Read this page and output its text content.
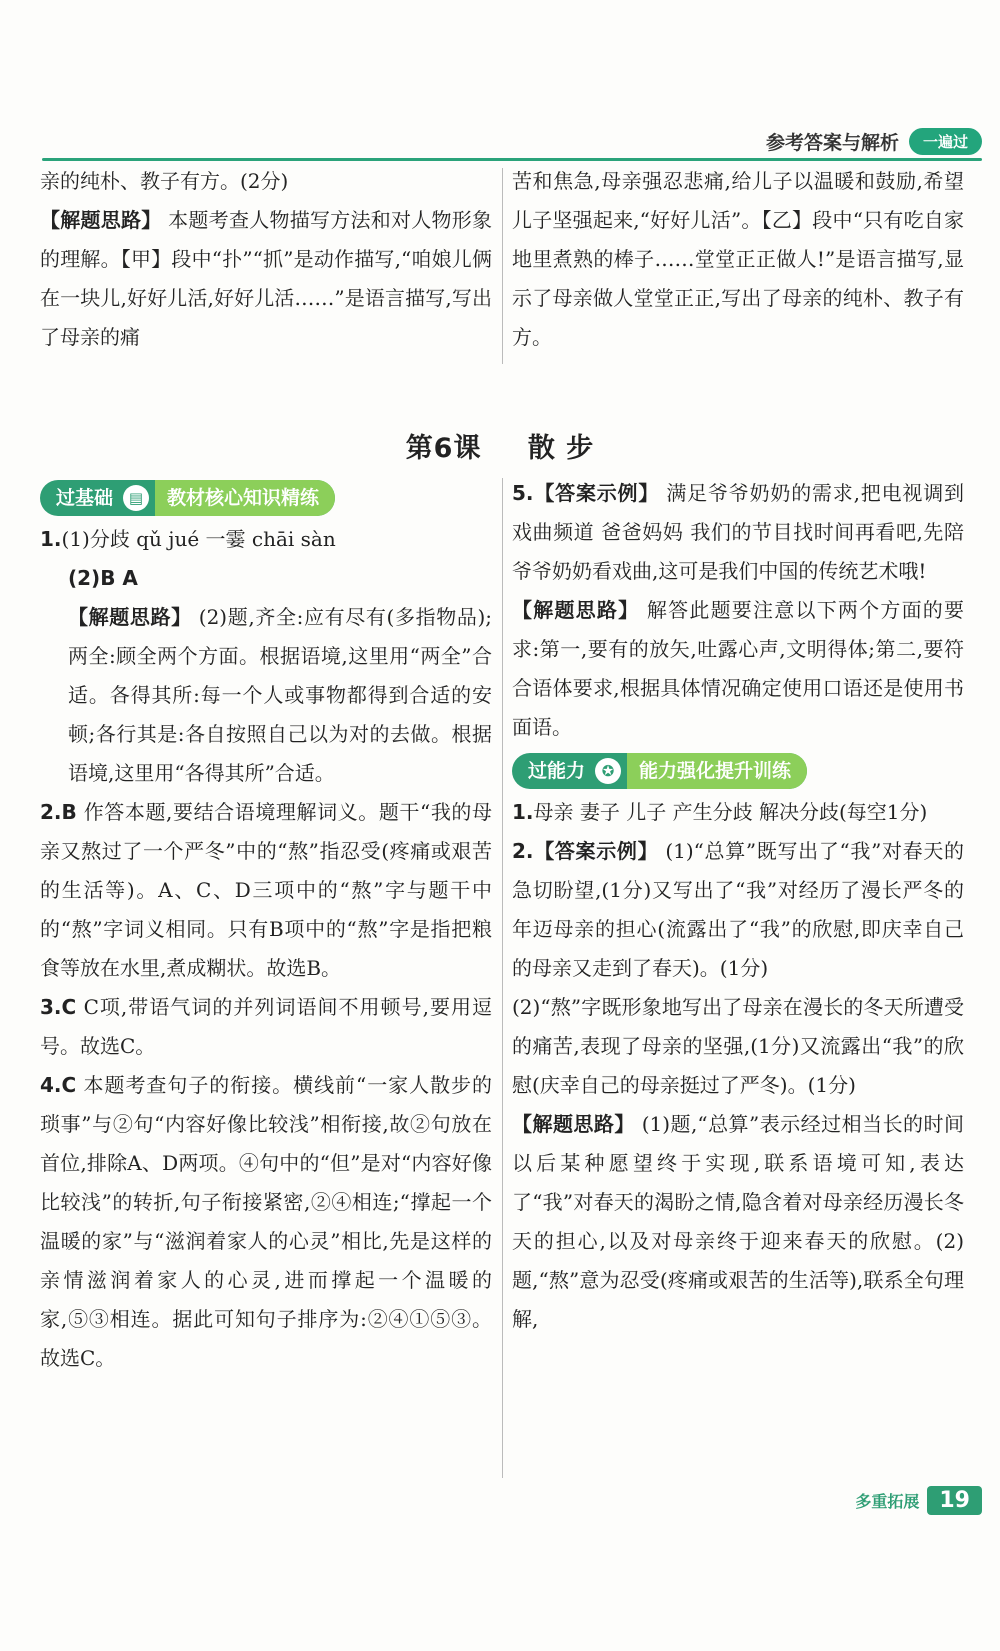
参考答案与解析	一遍过

亲的纯朴、教子有方。(2分)

【解题思路】 本题考查人物描写方法和对人物形象的理解。【甲】段中“扑”“抓”是动作描写,“咱娘儿俩在一块儿,好好儿活,好好儿活……”是语言描写,写出了母亲的痛

苦和焦急,母亲强忍悲痛,给儿子以温暖和鼓励,希望儿子坚强起来,“好好儿活”。【乙】段中“只有吃自家地里煮熟的棒子……堂堂正正做人!”是语言描写,显示了母亲做人堂堂正正,写出了母亲的纯朴、教子有方。

第6课 散 步
过基础	▤	教材核心知识精练

1.(1)分歧 qǔ jué 一霎 chāi sàn

(2)B A

【解题思路】 (2)题,齐全:应有尽有(多指物品);两全:顾全两个方面。根据语境,这里用“两全”合适。各得其所:每一个人或事物都得到合适的安顿;各行其是:各自按照自己以为对的去做。根据语境,这里用“各得其所”合适。

2.B 作答本题,要结合语境理解词义。题干“我的母亲又熬过了一个严冬”中的“熬”指忍受(疼痛或艰苦的生活等)。A、C、D三项中的“熬”字与题干中的“熬”字词义相同。只有B项中的“熬”字是指把粮食等放在水里,煮成糊状。故选B。

3.C C项,带语气词的并列词语间不用顿号,要用逗号。故选C。

4.C 本题考查句子的衔接。横线前“一家人散步的琐事”与②句“内容好像比较浅”相衔接,故②句放在首位,排除A、D两项。④句中的“但”是对“内容好像比较浅”的转折,句子衔接紧密,②④相连;“撑起一个温暖的家”与“滋润着家人的心灵”相比,先是这样的亲情滋润着家人的心灵,进而撑起一个温暖的家,⑤③相连。据此可知句子排序为:②④①⑤③。故选C。

5.【答案示例】 满足爷爷奶奶的需求,把电视调到戏曲频道 爸爸妈妈 我们的节目找时间再看吧,先陪爷爷奶奶看戏曲,这可是我们中国的传统艺术哦!

【解题思路】 解答此题要注意以下两个方面的要求:第一,要有的放矢,吐露心声,文明得体;第二,要符合语体要求,根据具体情况确定使用口语还是使用书面语。

过能力	✪	能力强化提升训练

1.母亲 妻子 儿子 产生分歧 解决分歧(每空1分)

2.【答案示例】 (1)“总算”既写出了“我”对春天的急切盼望,(1分)又写出了“我”对经历了漫长严冬的年迈母亲的担心(流露出了“我”的欣慰,即庆幸自己的母亲又走到了春天)。(1分)

(2)“熬”字既形象地写出了母亲在漫长的冬天所遭受的痛苦,表现了母亲的坚强,(1分)又流露出“我”的欣慰(庆幸自己的母亲挺过了严冬)。(1分)

【解题思路】 (1)题,“总算”表示经过相当长的时间以后某种愿望终于实现,联系语境可知,表达了“我”对春天的渴盼之情,隐含着对母亲经历漫长冬天的担心,以及对母亲终于迎来春天的欣慰。(2)题,“熬”意为忍受(疼痛或艰苦的生活等),联系全句理解,

多重拓展 19
